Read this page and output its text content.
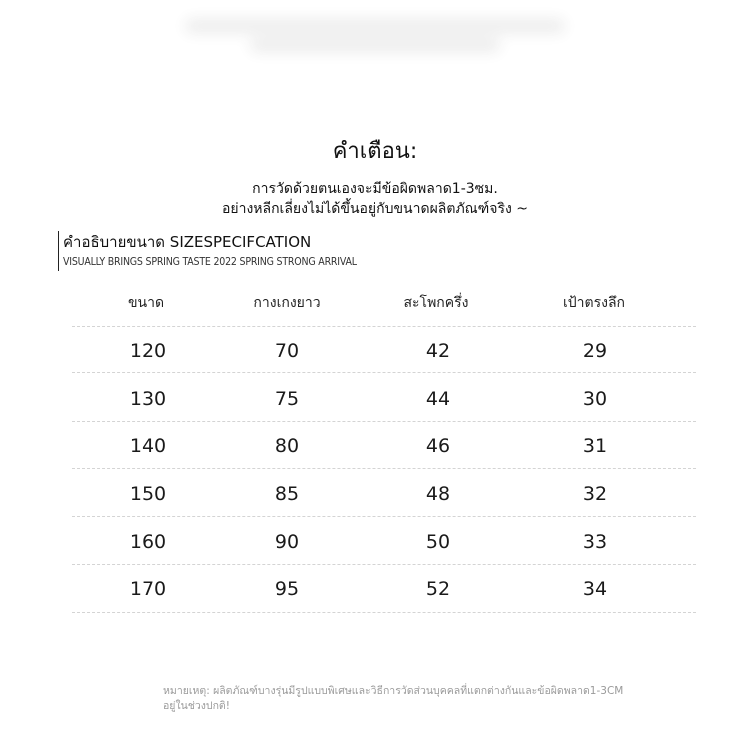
คำเตือน:
การวัดด้วยตนเองจะมีข้อผิดพลาด1-3ซม.
อย่างหลีกเลี่ยงไม่ได้ขึ้นอยู่กับขนาดผลิตภัณฑ์จริง ~
คำอธิบายขนาด SIZESPECIFCATION
VISUALLY BRINGS SPRING TASTE 2022 SPRING STRONG ARRIVAL
ขนาด	กางเกงยาว	สะโพกครึ่ง	เป้าตรงลึก
120	70	42	29
130	75	44	30
140	80	46	31
150	85	48	32
160	90	50	33
170	95	52	34
หมายเหตุ: ผลิตภัณฑ์บางรุ่นมีรูปแบบพิเศษและวิธีการวัดส่วนบุคคลที่แตกต่างกันและข้อผิดพลาด1-3CM
อยู่ในช่วงปกติ!
